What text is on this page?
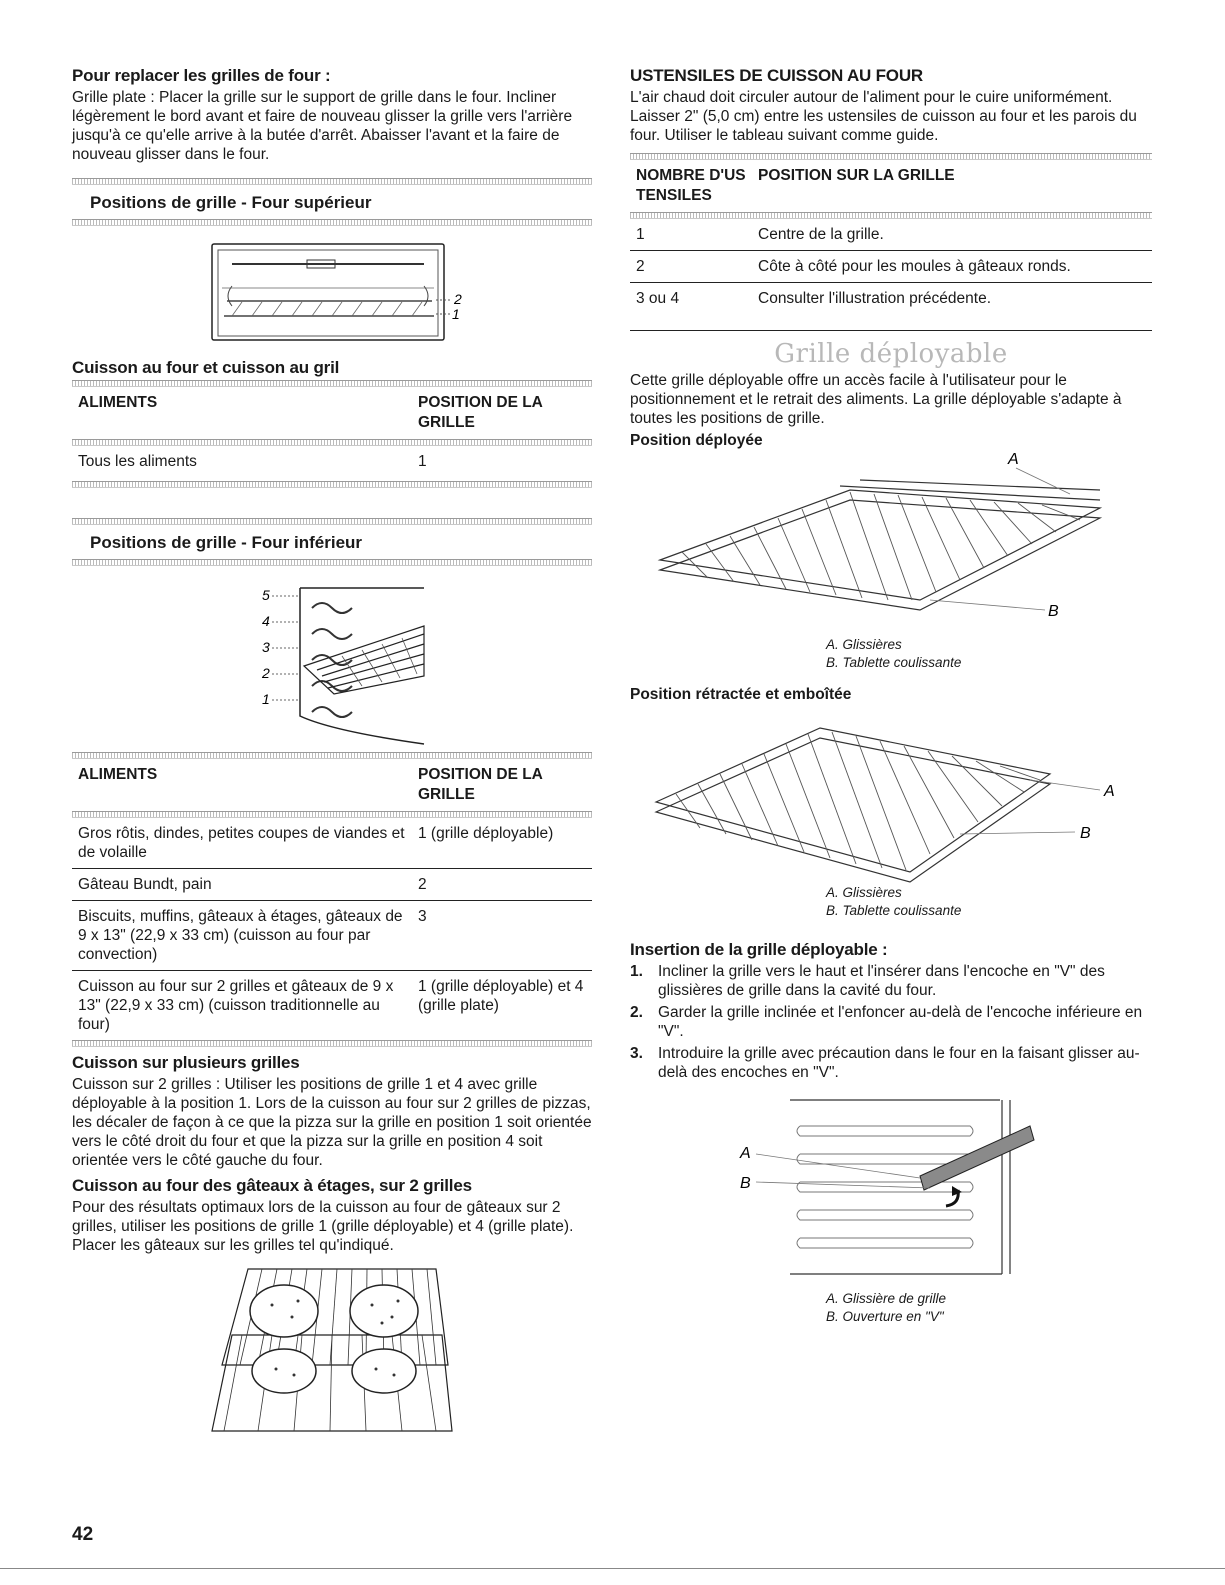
Pour replacer les grilles de four :

Grille plate : Placer la grille sur le support de grille dans le four. Incliner légèrement le bord avant et faire de nouveau glisser la grille vers l'arrière jusqu'à ce qu'elle arrive à la butée d'arrêt. Abaisser l'avant et la faire de nouveau glisser dans le four.

Positions de grille - Four supérieur
2
1
Cuisson au four et cuisson au gril
ALIMENTS	POSITION DE LA GRILLE

Tous les aliments	1
Positions de grille - Four inférieur
5
4
3
2
1
ALIMENTS	POSITION DE LA GRILLE

Gros rôtis, dindes, petites coupes de viandes et de volaille	1 (grille déployable)

Gâteau Bundt, pain	2

Biscuits, muffins, gâteaux à étages, gâteaux de 9 x 13" (22,9 x 33 cm) (cuisson au four par convection)	3

Cuisson au four sur 2 grilles et gâteaux de 9 x 13" (22,9 x 33 cm) (cuisson traditionnelle au four)	1 (grille déployable) et 4 (grille plate)
Cuisson sur plusieurs grilles

Cuisson sur 2 grilles : Utiliser les positions de grille 1 et 4 avec grille déployable à la position 1. Lors de la cuisson au four sur 2 grilles de pizzas, les décaler de façon à ce que la pizza sur la grille en position 1 soit orientée vers le côté droit du four et que la pizza sur la grille en position 4 soit orientée vers le côté gauche du four.

Cuisson au four des gâteaux à étages, sur 2 grilles

Pour des résultats optimaux lors de la cuisson au four de gâteaux sur 2 grilles, utiliser les positions de grille 1 (grille déployable) et 4 (grille plate). Placer les gâteaux sur les grilles tel qu'indiqué.

USTENSILES DE CUISSON AU FOUR

L'air chaud doit circuler autour de l'aliment pour le cuire uniformément. Laisser 2" (5,0 cm) entre les ustensiles de cuisson au four et les parois du four. Utiliser le tableau suivant comme guide.

NOMBRE D'USTENSILES	POSITION SUR LA GRILLE

1	Centre de la grille.

2	Côte à côté pour les moules à gâteaux ronds.

3 ou 4	Consulter l'illustration précédente.
Grille déployable

Cette grille déployable offre un accès facile à l'utilisateur pour le positionnement et le retrait des aliments. La grille déployable s'adapte à toutes les positions de grille.

Position déployée
A
B
A. Glissières
B. Tablette coulissante
Position rétractée et emboîtée
A
B
A. Glissières
B. Tablette coulissante
Insertion de la grille déployable :
1. Incliner la grille vers le haut et l'insérer dans l'encoche en "V" des glissières de grille dans la cavité du four.
2. Garder la grille inclinée et l'enfoncer au-delà de l'encoche inférieure en "V".
3. Introduire la grille avec précaution dans le four en la faisant glisser au-delà des encoches en "V".
A
B
A. Glissière de grille
B. Ouverture en "V"
42
